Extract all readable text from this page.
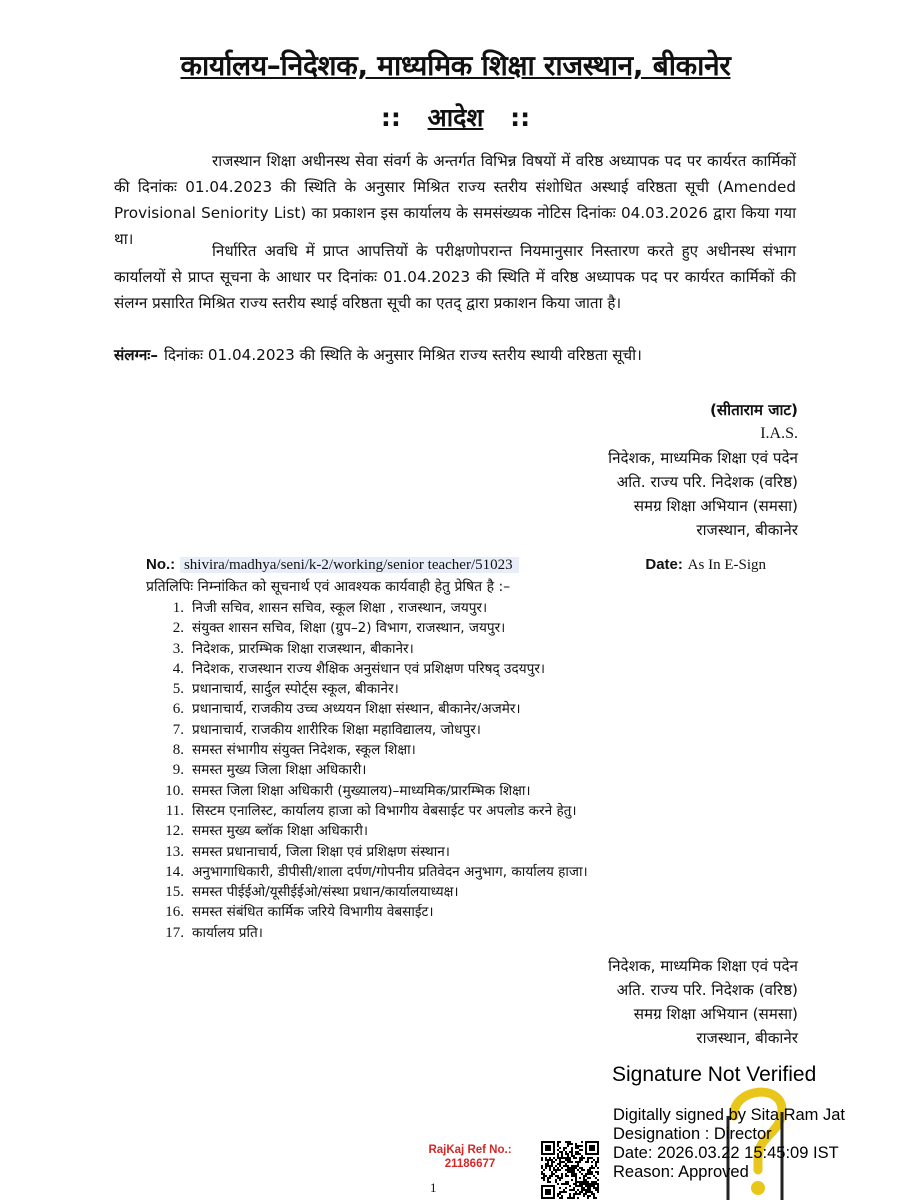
कार्यालय–निदेशक, माध्यमिक शिक्षा राजस्थान, बीकानेर
:: आदेश ::
राजस्थान शिक्षा अधीनस्थ सेवा संवर्ग के अन्तर्गत विभिन्न विषयों में वरिष्ठ अध्यापक पद पर कार्यरत कार्मिकों की दिनांकः 01.04.2023 की स्थिति के अनुसार मिश्रित राज्य स्तरीय संशोधित अस्थाई वरिष्ठता सूची (Amended Provisional Seniority List) का प्रकाशन इस कार्यालय के समसंख्यक नोटिस दिनांकः 04.03.2026 द्वारा किया गया था।
निर्धारित अवधि में प्राप्त आपत्तियों के परीक्षणोपरान्त नियमानुसार निस्तारण करते हुए अधीनस्थ संभाग कार्यालयों से प्राप्त सूचना के आधार पर दिनांकः 01.04.2023 की स्थिति में वरिष्ठ अध्यापक पद पर कार्यरत कार्मिकों की संलग्न प्रसारित मिश्रित राज्य स्तरीय स्थाई वरिष्ठता सूची का एतद् द्वारा प्रकाशन किया जाता है।
संलग्नः– दिनांकः 01.04.2023 की स्थिति के अनुसार मिश्रित राज्य स्तरीय स्थायी वरिष्ठता सूची।
(सीताराम जाट)
I.A.S.
निदेशक, माध्यमिक शिक्षा एवं पदेन
अति. राज्य परि. निदेशक (वरिष्ठ)
समग्र शिक्षा अभियान (समसा)
राजस्थान, बीकानेर
No.: shivira/madhya/seni/k-2/working/senior teacher/51023	Date: As In E-Sign
प्रतिलिपिः निम्नांकित को सूचनार्थ एवं आवश्यक कार्यवाही हेतु प्रेषित है :–
1. निजी सचिव, शासन सचिव, स्कूल शिक्षा , राजस्थान, जयपुर।
2. संयुक्त शासन सचिव, शिक्षा (ग्रुप–2) विभाग, राजस्थान, जयपुर।
3. निदेशक, प्रारम्भिक शिक्षा राजस्थान, बीकानेर।
4. निदेशक, राजस्थान राज्य शैक्षिक अनुसंधान एवं प्रशिक्षण परिषद् उदयपुर।
5. प्रधानाचार्य, सार्दुल स्पोर्ट्स स्कूल, बीकानेर।
6. प्रधानाचार्य, राजकीय उच्च अध्ययन शिक्षा संस्थान, बीकानेर/अजमेर।
7. प्रधानाचार्य, राजकीय शारीरिक शिक्षा महाविद्यालय, जोधपुर।
8. समस्त संभागीय संयुक्त निदेशक, स्कूल शिक्षा।
9. समस्त मुख्य जिला शिक्षा अधिकारी।
10. समस्त जिला शिक्षा अधिकारी (मुख्यालय)–माध्यमिक/प्रारम्भिक शिक्षा।
11. सिस्टम एनालिस्ट, कार्यालय हाजा को विभागीय वेबसाईट पर अपलोड करने हेतु।
12. समस्त मुख्य ब्लॉक शिक्षा अधिकारी।
13. समस्त प्रधानाचार्य, जिला शिक्षा एवं प्रशिक्षण संस्थान।
14. अनुभागाधिकारी, डीपीसी/शाला दर्पण/गोपनीय प्रतिवेदन अनुभाग, कार्यालय हाजा।
15. समस्त पीईईओ/यूसीईईओ/संस्था प्रधान/कार्यालयाध्यक्ष।
16. समस्त संबंधित कार्मिक जरिये विभागीय वेबसाईट।
17. कार्यालय प्रति।
निदेशक, माध्यमिक शिक्षा एवं पदेन
अति. राज्य परि. निदेशक (वरिष्ठ)
समग्र शिक्षा अभियान (समसा)
राजस्थान, बीकानेर
Signature Not Verified
Digitally signed by Sita Ram Jat
Designation : Director
Date: 2026.03.22 15:45:09 IST
Reason: Approved
RajKaj Ref No.:
21186677
1
